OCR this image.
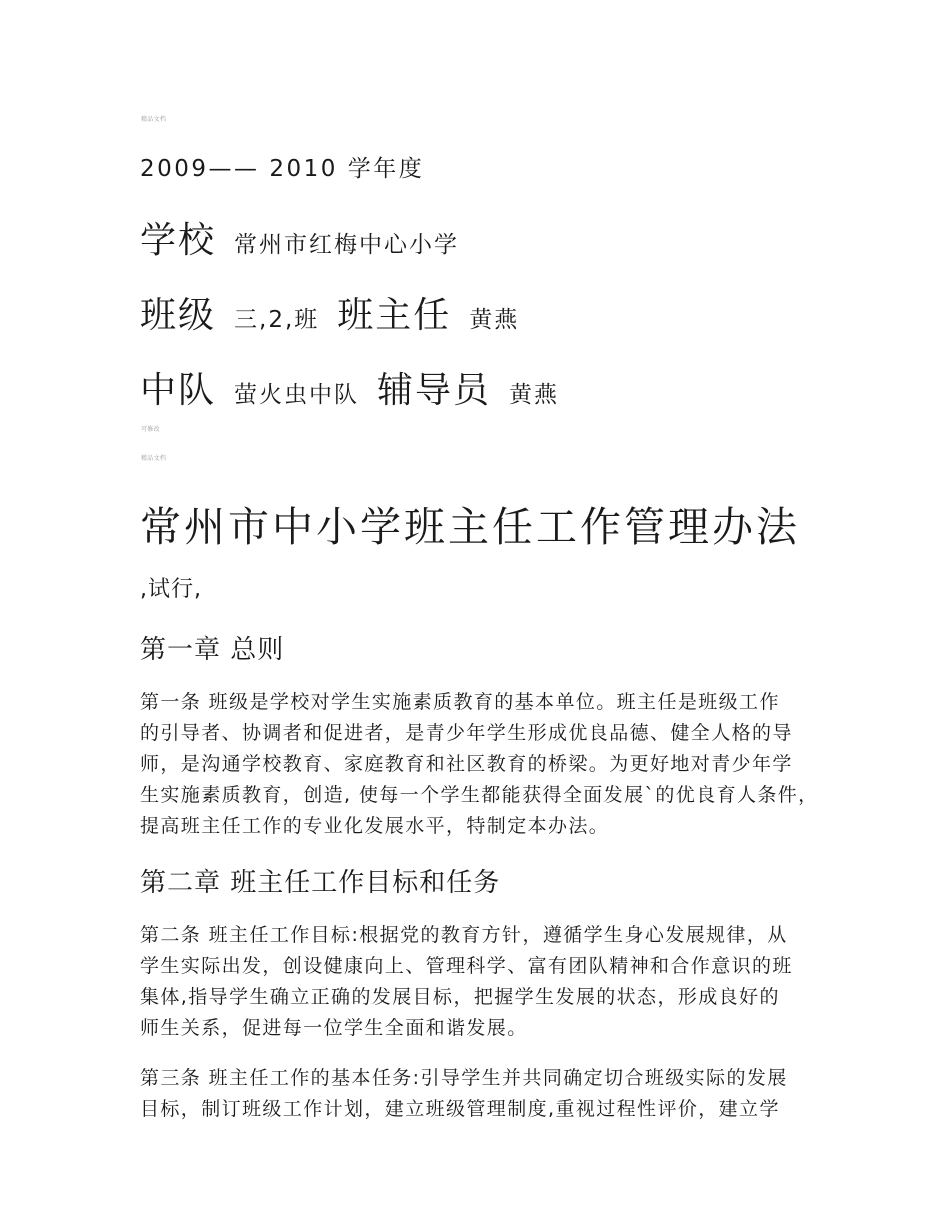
精品文档
2009—— 2010 学年度
学校 常州市红梅中心小学
班级 三,2,班 班主任 黄燕
中队 萤火虫中队 辅导员 黄燕
可修改
精品文档
常州市中小学班主任工作管理办法
,试行,
第一章 总则
第一条 班级是学校对学生实施素质教育的基本单位。班主任是班级工作
的引导者、协调者和促进者，是青少年学生形成优良品德、健全人格的导
师，是沟通学校教育、家庭教育和社区教育的桥梁。为更好地对青少年学
生实施素质教育，创造, 使每一个学生都能获得全面发展`的优良育人条件，
提高班主任工作的专业化发展水平，特制定本办法。
第二章 班主任工作目标和任务
第二条 班主任工作目标:根据党的教育方针，遵循学生身心发展规律，从
学生实际出发，创设健康向上、管理科学、富有团队精神和合作意识的班
集体,指导学生确立正确的发展目标，把握学生发展的状态，形成良好的
师生关系，促进每一位学生全面和谐发展。
第三条 班主任工作的基本任务:引导学生并共同确定切合班级实际的发展
目标，制订班级工作计划，建立班级管理制度,重视过程性评价，建立学
